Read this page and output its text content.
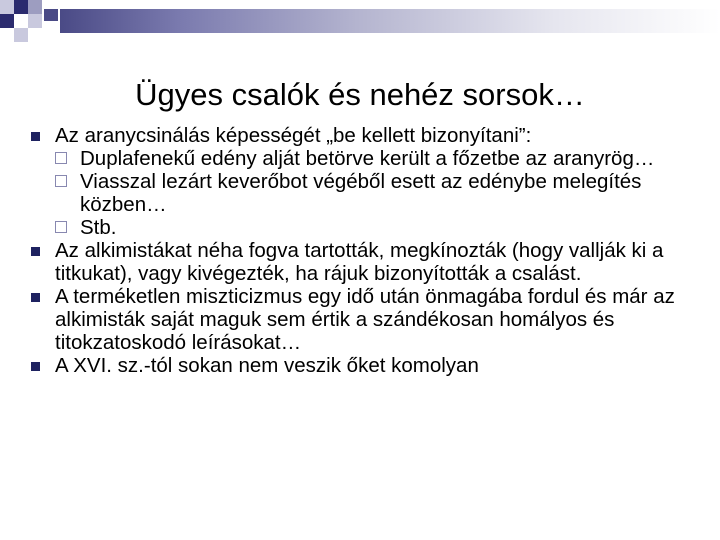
Ügyes csalók és nehéz sorsok…
Az aranycsinálás képességét „be kellett bizonyítani”:
Duplafenekű edény alját betörve került a főzetbe az aranyrög…
Viasszal lezárt keverőbot végéből esett az edénybe melegítés közben…
Stb.
Az alkimistákat néha fogva tartották, megkínozták (hogy vallják ki a titkukat), vagy kivégezték, ha rájuk bizonyították a csalást.
A terméketlen miszticizmus egy idő után önmagába fordul és már az alkimisták saját maguk sem értik a szándékosan homályos és titokzatoskodó leírásokat…
A XVI. sz.-tól sokan nem veszik őket komolyan
